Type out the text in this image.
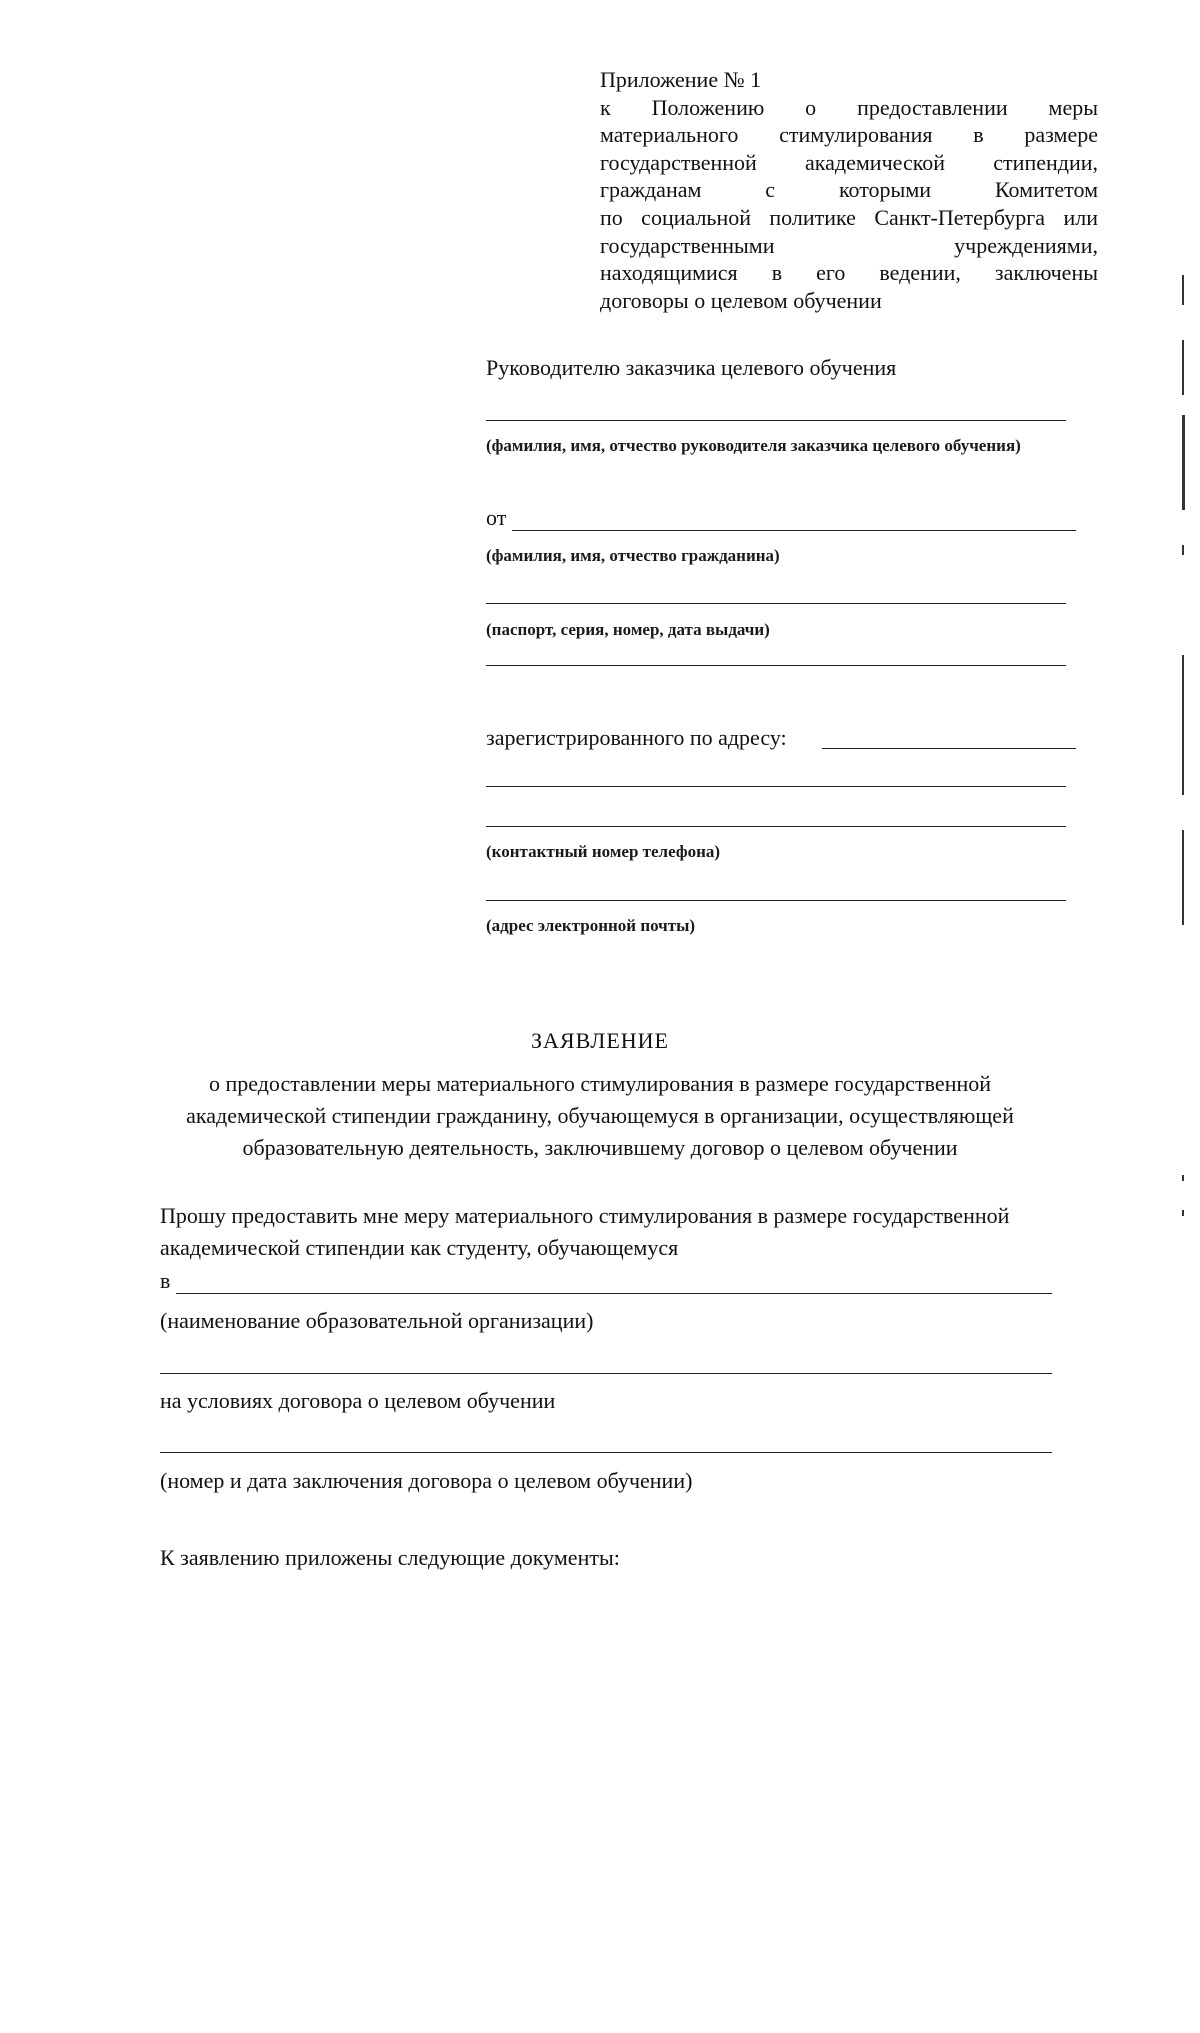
Приложение № 1
к Положению о предоставлении меры
материального стимулирования в размере
государственной академической стипендии,
гражданам с которыми Комитетом
по социальной политике Санкт-Петербурга или
государственными учреждениями,
находящимися в его ведении, заключены
договоры о целевом обучении
Руководителю заказчика целевого обучения
(фамилия, имя, отчество руководителя заказчика целевого обучения)
от
(фамилия, имя, отчество гражданина)
(паспорт, серия, номер, дата выдачи)
зарегистрированного по адресу:
(контактный номер телефона)
(адрес электронной почты)
ЗАЯВЛЕНИЕ
о предоставлении меры материального стимулирования в размере государственной академической стипендии гражданину, обучающемуся в организации, осуществляющей образовательную деятельность, заключившему договор о целевом обучении
Прошу предоставить мне меру материального стимулирования в размере государственной академической стипендии как студенту, обучающемуся
в
(наименование образовательной организации)
на условиях договора о целевом обучении
(номер и дата заключения договора о целевом обучении)
К заявлению приложены следующие документы:
